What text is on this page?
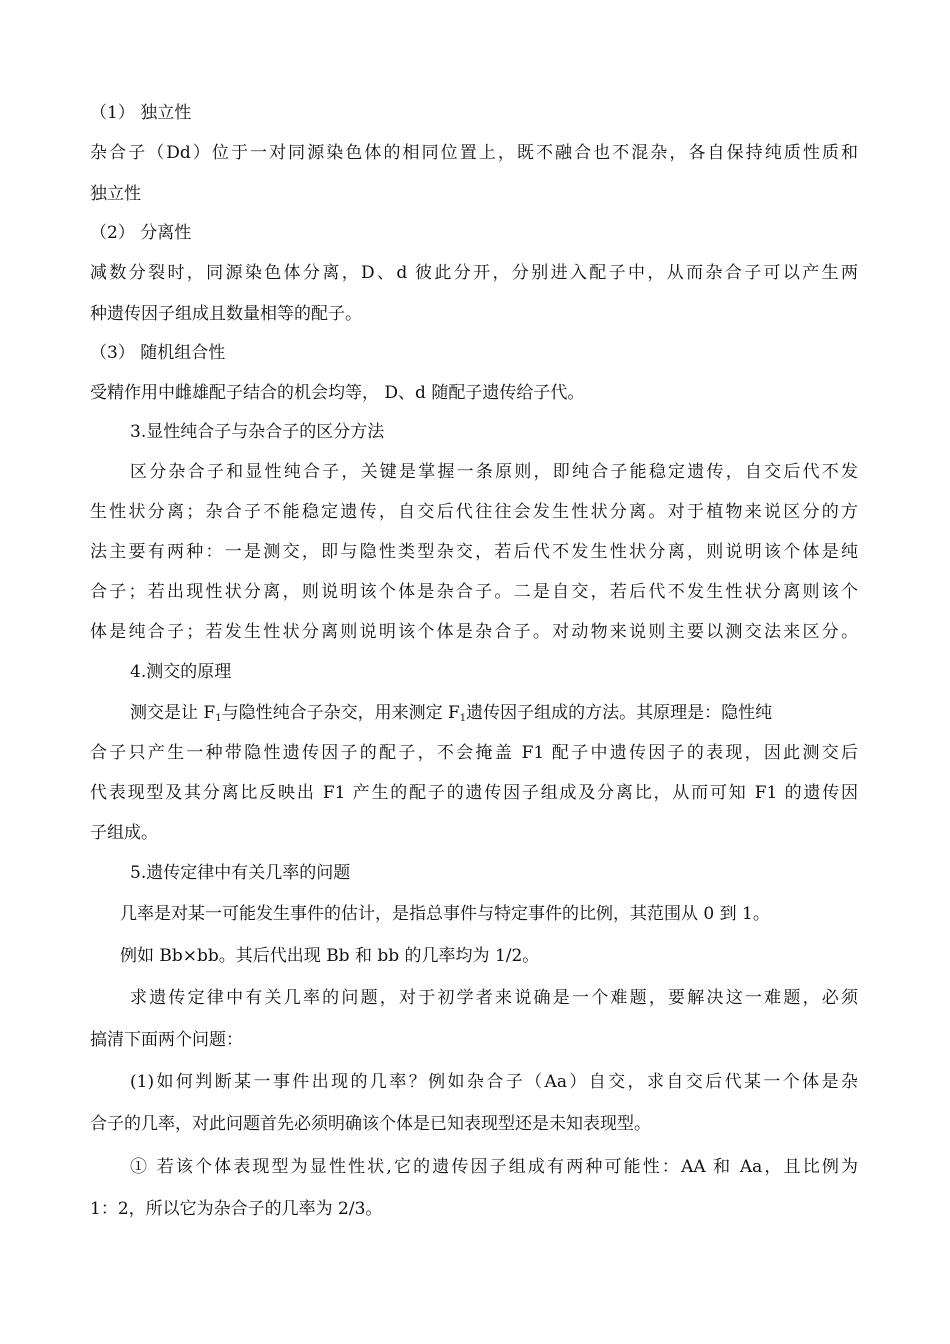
（1） 独立性
杂合子（Dd）位于一对同源染色体的相同位置上，既不融合也不混杂，各自保持纯质性质和
独立性
（2） 分离性
减数分裂时，同源染色体分离，D、d 彼此分开，分别进入配子中，从而杂合子可以产生两
种遗传因子组成且数量相等的配子。
（3） 随机组合性
受精作用中雌雄配子结合的机会均等， D、d 随配子遗传给子代。
3.显性纯合子与杂合子的区分方法
区分杂合子和显性纯合子，关键是掌握一条原则，即纯合子能稳定遗传，自交后代不发
生性状分离；杂合子不能稳定遗传，自交后代往往会发生性状分离。对于植物来说区分的方
法主要有两种：一是测交，即与隐性类型杂交，若后代不发生性状分离，则说明该个体是纯
合子；若出现性状分离，则说明该个体是杂合子。二是自交，若后代不发生性状分离则该个
体是纯合子；若发生性状分离则说明该个体是杂合子。对动物来说则主要以测交法来区分。
4.测交的原理
测交是让 $F_1$与隐性纯合子杂交，用来测定 $F_1$遗传因子组成的方法。其原理是：隐性纯
合子只产生一种带隐性遗传因子的配子，不会掩盖 F1 配子中遗传因子的表现，因此测交后
代表现型及其分离比反映出 F1 产生的配子的遗传因子组成及分离比，从而可知 F1 的遗传因
子组成。
5.遗传定律中有关几率的问题
几率是对某一可能发生事件的估计，是指总事件与特定事件的比例，其范围从 0 到 1。
例如 Bb×bb。其后代出现 Bb 和 bb 的几率均为 1/2。
求遗传定律中有关几率的问题，对于初学者来说确是一个难题，要解决这一难题，必须
搞清下面两个问题：
(1)如何判断某一事件出现的几率？例如杂合子（Aa）自交，求自交后代某一个体是杂
合子的几率，对此问题首先必须明确该个体是已知表现型还是未知表现型。
① 若该个体表现型为显性性状,它的遗传因子组成有两种可能性：AA 和 Aa，且比例为
1：2，所以它为杂合子的几率为 2/3。
